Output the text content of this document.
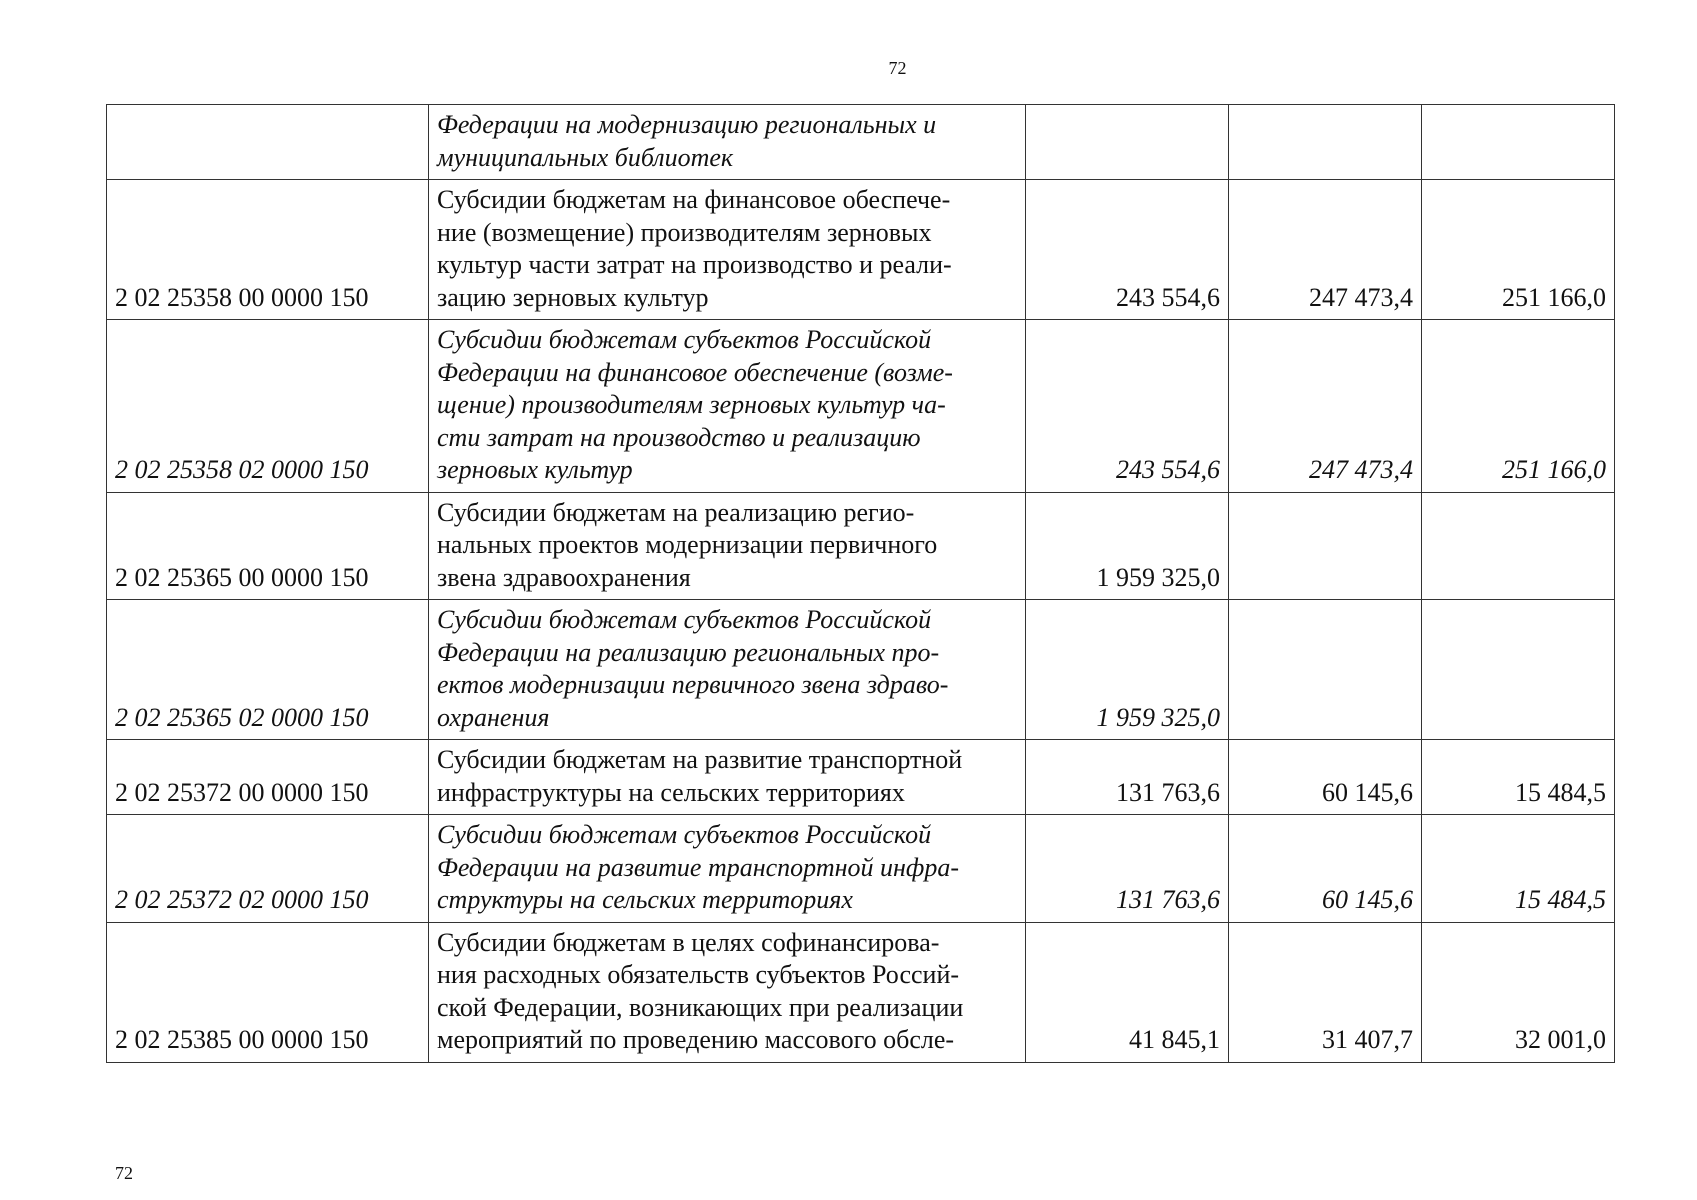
72
	Федерации на модернизацию региональных и
муниципальных библиотек			
2 02 25358 00 0000 150	Субсидии бюджетам на финансовое обеспече-
ние (возмещение) производителям зерновых
культур части затрат на производство и реали-
зацию зерновых культур	243 554,6	247 473,4	251 166,0
2 02 25358 02 0000 150	Субсидии бюджетам субъектов Российской
Федерации на финансовое обеспечение (возме-
щение) производителям зерновых культур ча-
сти затрат на производство и реализацию
зерновых культур	243 554,6	247 473,4	251 166,0
2 02 25365 00 0000 150	Субсидии бюджетам на реализацию регио-
нальных проектов модернизации первичного
звена здравоохранения	1 959 325,0		
2 02 25365 02 0000 150	Субсидии бюджетам субъектов Российской
Федерации на реализацию региональных про-
ектов модернизации первичного звена здраво-
охранения	1 959 325,0		
2 02 25372 00 0000 150	Субсидии бюджетам на развитие транспортной
инфраструктуры на сельских территориях	131 763,6	60 145,6	15 484,5
2 02 25372 02 0000 150	Субсидии бюджетам субъектов Российской
Федерации на развитие транспортной инфра-
структуры на сельских территориях	131 763,6	60 145,6	15 484,5
2 02 25385 00 0000 150	Субсидии бюджетам в целях софинансирова-
ния расходных обязательств субъектов Россий-
ской Федерации, возникающих при реализации
мероприятий по проведению массового обсле-	41 845,1	31 407,7	32 001,0
72
